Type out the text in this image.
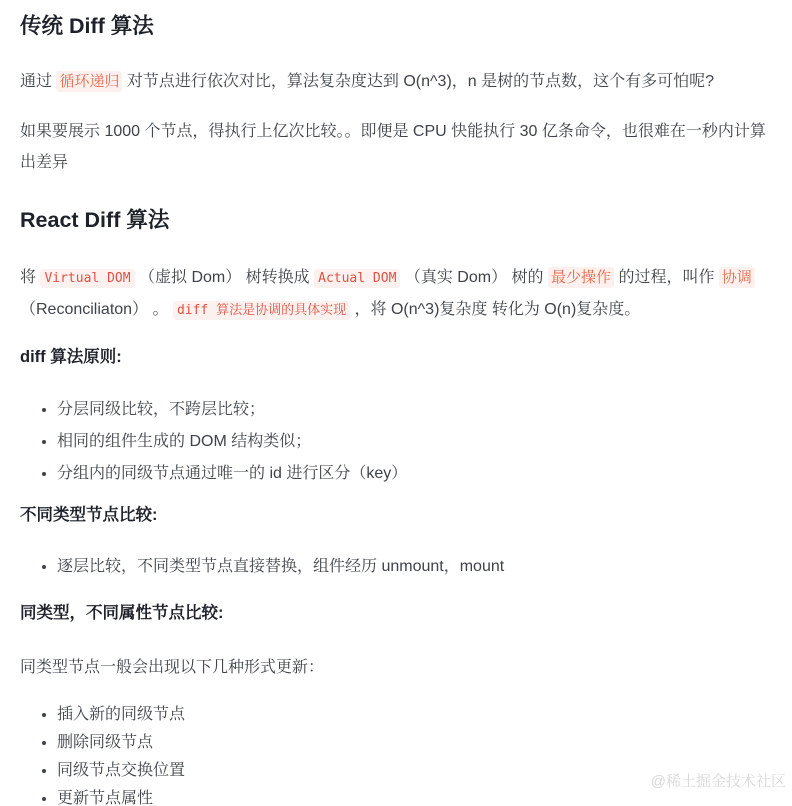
传统 Diff 算法

通过 循环递归 对节点进行依次对比，算法复杂度达到 O(n^3)，n 是树的节点数，这个有多可怕呢?

如果要展示 1000 个节点，得执行上亿次比较。。即便是 CPU 快能执行 30 亿条命令，也很难在一秒内计算出差异

React Diff 算法

将 Virtual DOM （虚拟 Dom） 树转换成 Actual DOM （真实 Dom） 树的 最少操作 的过程，叫作 协调 （Reconciliaton） 。 diff 算法是协调的具体实现 ，将 O(n^3)复杂度 转化为 O(n)复杂度。

diff 算法原则:
• 分层同级比较，不跨层比较；
• 相同的组件生成的 DOM 结构类似；
• 分组内的同级节点通过唯一的 id 进行区分（key）
不同类型节点比较:
• 逐层比较，不同类型节点直接替换，组件经历 unmount，mount
同类型，不同属性节点比较:

同类型节点一般会出现以下几种形式更新：

• 插入新的同级节点
• 删除同级节点
• 同级节点交换位置
• 更新节点属性
@稀土掘金技术社区
